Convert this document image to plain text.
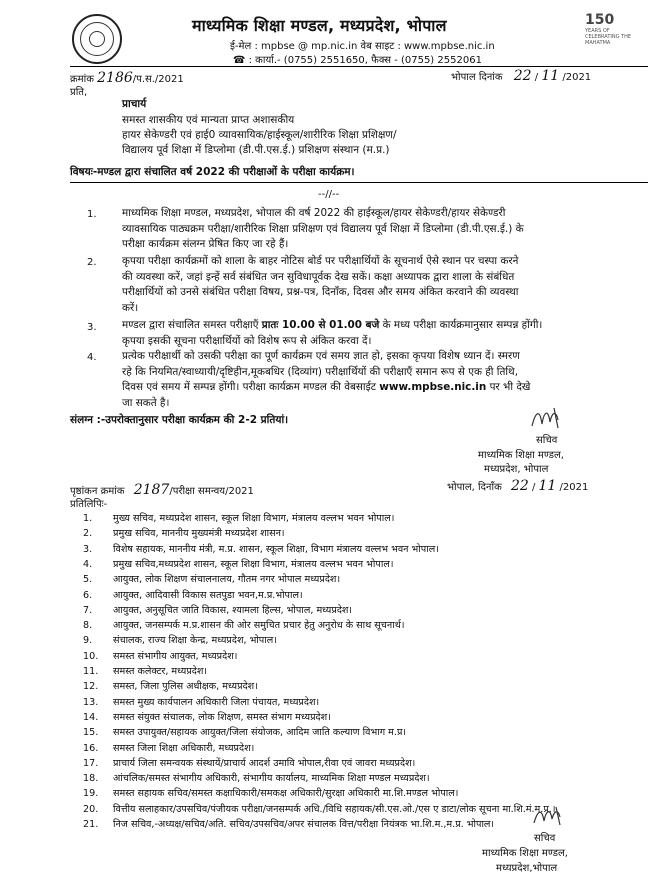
माध्यमिक शिक्षा मण्डल, मध्यप्रदेश, भोपाल
ई-मेल : mpbse @ mp.nic.in वेब साइट : www.mpbse.nic.in
☎ : कार्या.- (0755) 2551650, फैक्स - (0755) 2552061
150
YEARS OF CELEBRATING THE MAHATMA
क्रमांक 2186/प.स./2021	भोपाल दिनांक 22 / 11 /2021
प्रति,
प्राचार्य
समस्त शासकीय एवं मान्यता प्राप्त अशासकीय
हायर सेकेण्डरी एवं हाई0 व्यावसायिक/हाईस्कूल/शारीरिक शिक्षा प्रशिक्षण/
विद्यालय पूर्व शिक्षा में डिप्लोमा (डी.पी.एस.ई.) प्रशिक्षण संस्थान (म.प्र.)
विषयः-मण्डल द्वारा संचालित वर्ष 2022 की परीक्षाओं के परीक्षा कार्यक्रम।
--//--
1. माध्यमिक शिक्षा मण्डल, मध्यप्रदेश, भोपाल की वर्ष 2022 की हाईस्कूल/हायर सेकेण्डरी/हायर सेकेण्डरी
व्यावसायिक पाठ्यक्रम परीक्षा/शारीरिक शिक्षा प्रशिक्षण एवं विद्यालय पूर्व शिक्षा में डिप्लोमा (डी.पी.एस.ई.) के
परीक्षा कार्यक्रम संलग्न प्रेषित किए जा रहे हैं।
2. कृपया परीक्षा कार्यक्रमों को शाला के बाहर नोटिस बोर्ड पर परीक्षार्थियों के सूचनार्थ ऐसे स्थान पर चस्पा करने
की व्यवस्था करें, जहां इन्हें सर्व संबंधित जन सुविधापूर्वक देख सकें। कक्षा अध्यापक द्वारा शाला के संबंधित
परीक्षार्थियों को उनसे संबंधित परीक्षा विषय, प्रश्न-पत्र, दिनाँक, दिवस और समय अंकित करवाने की व्यवस्था
करें।
3. मण्डल द्वारा संचालित समस्त परीक्षाएँ प्रातः 10.00 से 01.00 बजे के मध्य परीक्षा कार्यक्रमानुसार सम्पन्न होंगी।
कृपया इसकी सूचना परीक्षार्थियों को विशेष रूप से अंकित करवा दें।
4. प्रत्येक परीक्षार्थी को उसकी परीक्षा का पूर्ण कार्यक्रम एवं समय ज्ञात हो, इसका कृपया विशेष ध्यान दें। स्मरण
रहे कि नियमित/स्वाध्यायी/दृष्टिहीन,मूकबधिर (दिव्यांग) परीक्षार्थियों की परीक्षाएँ समान रूप से एक ही तिथि,
दिवस एवं समय में सम्पन्न होंगी। परीक्षा कार्यक्रम मण्डल की वेबसाईट www.mpbse.nic.in पर भी देखे
जा सकते है।
संलग्न :-उपरोक्तानुसार परीक्षा कार्यक्रम की 2-2 प्रतियां।
सचिव
माध्यमिक शिक्षा मण्डल,
मध्यप्रदेश, भोपाल
पृष्ठांकन क्रमांक 2187/परीक्षा समन्वय/2021	भोपाल, दिनाँक 22 / 11 /2021
प्रतिलिपिः-
1. मुख्य सचिव, मध्यप्रदेश शासन, स्कूल शिक्षा विभाग, मंत्रालय वल्लभ भवन भोपाल।
2. प्रमुख सचिव, माननीय मुख्यमंत्री मध्यप्रदेश शासन।
3. विशेष सहायक, माननीय मंत्री, म.प्र. शासन, स्कूल शिक्षा, विभाग मंत्रालय वल्लभ भवन भोपाल।
4. प्रमुख सचिव,मध्यप्रदेश शासन, स्कूल शिक्षा विभाग, मंत्रालय वल्लभ भवन भोपाल।
5. आयुक्त, लोक शिक्षण संचालनालय, गौतम नगर भोपाल मध्यप्रदेश।
6. आयुक्त, आदिवासी विकास सतपुडा भवन,म.प्र.भोपाल।
7. आयुक्त, अनुसूचित जाति विकास, श्यामला हिल्स, भोपाल, मध्यप्रदेश।
8. आयुक्त, जनसम्पर्क म.प्र.शासन की ओर समुचित प्रचार हेतु अनुरोध के साथ सूचनार्थ।
9. संचालक, राज्य शिक्षा केन्द्र, मध्यप्रदेश, भोपाल।
10. समस्त संभागीय आयुक्त, मध्यप्रदेश।
11. समस्त कलेक्टर, मध्यप्रदेश।
12. समस्त, जिला पुलिस अधीक्षक, मध्यप्रदेश।
13. समस्त मुख्य कार्यपालन अधिकारी जिला पंचायत, मध्यप्रदेश।
14. समस्त संयुक्त संचालक, लोक शिक्षण, समस्त संभाग मध्यप्रदेश।
15. समस्त उपायुक्त/सहायक आयुक्त/जिला संयोजक, आदिम जाति कल्याण विभाग म.प्र।
16. समस्त जिला शिक्षा अधिकारी, मध्यप्रदेश।
17. प्राचार्य जिला समन्वयक संस्थायें/प्राचार्य आदर्श उमावि भोपाल,रीवा एवं जावरा मध्यप्रदेश।
18. आंचलिक/समस्त संभागीय अधिकारी, संभागीय कार्यालय, माध्यमिक शिक्षा मण्डल मध्यप्रदेश।
19. समस्त सहायक सचिव/समस्त कक्षाधिकारी/समकक्ष अधिकारी/सुरक्षा अधिकारी मा.शि.मण्डल भोपाल।
20. वित्तीय सलाहकार/उपसचिव/पंजीयक परीक्षा/जनसम्पर्क अधि./विधि सहायक/सी.एस.ओ./एस ए डाटा/लोक सूचना मा.शि.मं.म.प्र.।
21. निज सचिव,-अध्यक्ष/सचिव/अति. सचिव/उपसचिव/अपर संचालक वित्त/परीक्षा नियंत्रक भा.शि.म.,म.प्र. भोपाल।
सचिव
माध्यमिक शिक्षा मण्डल,
मध्यप्रदेश,भोपाल
